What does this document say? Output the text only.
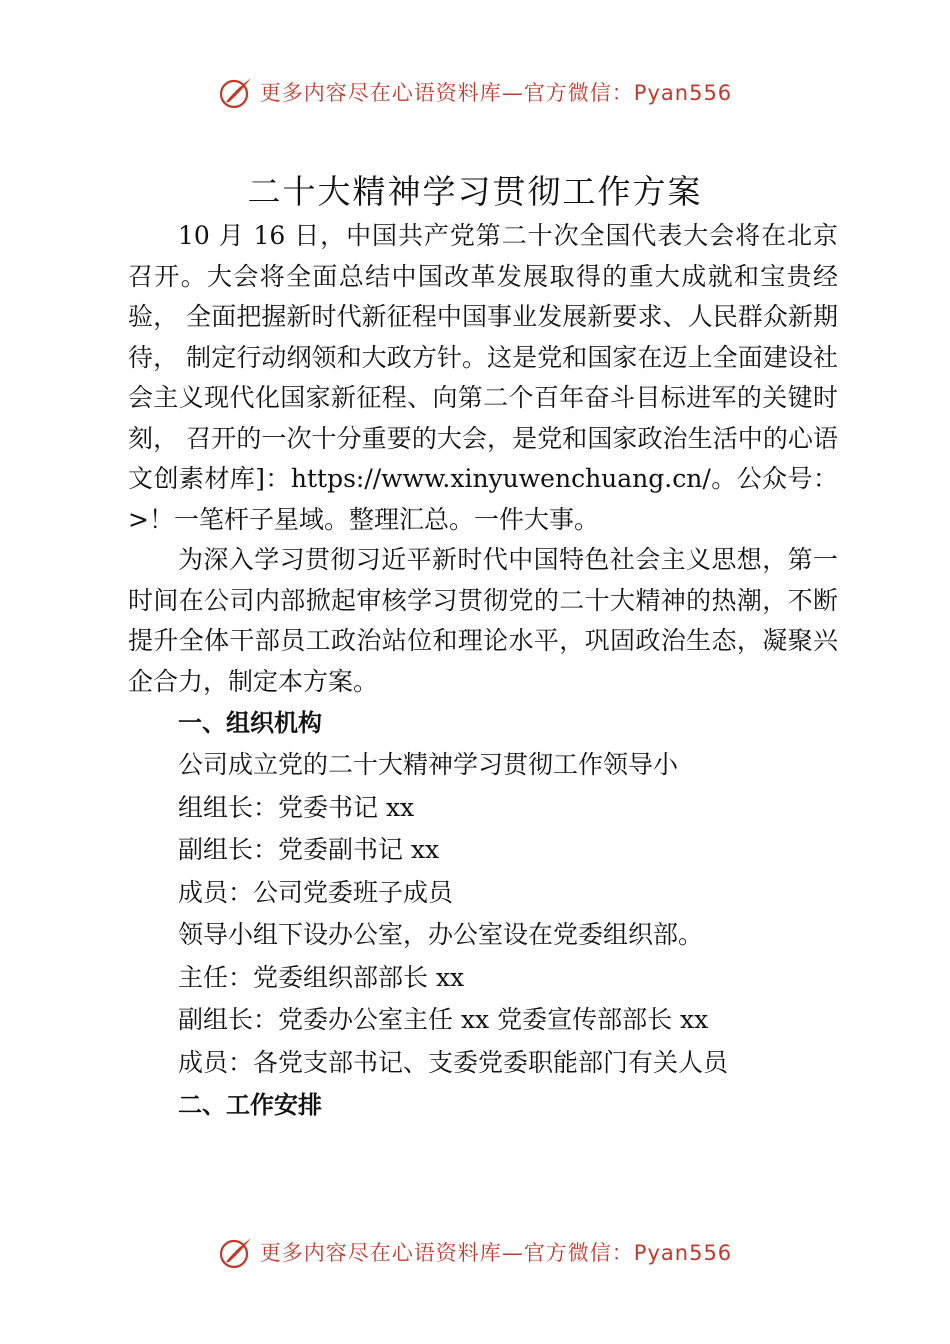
更多内容尽在心语资料库—官方微信：Pyan556
二十大精神学习贯彻工作方案

10 月 16 日，中国共产党第二十次全国代表大会将在北京召开。大会将全面总结中国改革发展取得的重大成就和宝贵经验， 全面把握新时代新征程中国事业发展新要求、人民群众新期待， 制定行动纲领和大政方针。这是党和国家在迈上全面建设社会主义现代化国家新征程、向第二个百年奋斗目标进军的关键时刻， 召开的一次十分重要的大会，是党和国家政治生活中的心语文创素材库]：https://www.xinyuwenchuang.cn/。公众号：>！一笔杆子星域。整理汇总。一件大事。

为深入学习贯彻习近平新时代中国特色社会主义思想，第一时间在公司内部掀起审核学习贯彻党的二十大精神的热潮，不断提升全体干部员工政治站位和理论水平，巩固政治生态，凝聚兴企合力，制定本方案。

一、组织机构

公司成立党的二十大精神学习贯彻工作领导小

组组长：党委书记 xx

副组长：党委副书记 xx

成员：公司党委班子成员

领导小组下设办公室，办公室设在党委组织部。

主任：党委组织部部长 xx

副组长：党委办公室主任 xx 党委宣传部部长 xx

成员：各党支部书记、支委党委职能部门有关人员

二、工作安排

更多内容尽在心语资料库—官方微信：Pyan556
